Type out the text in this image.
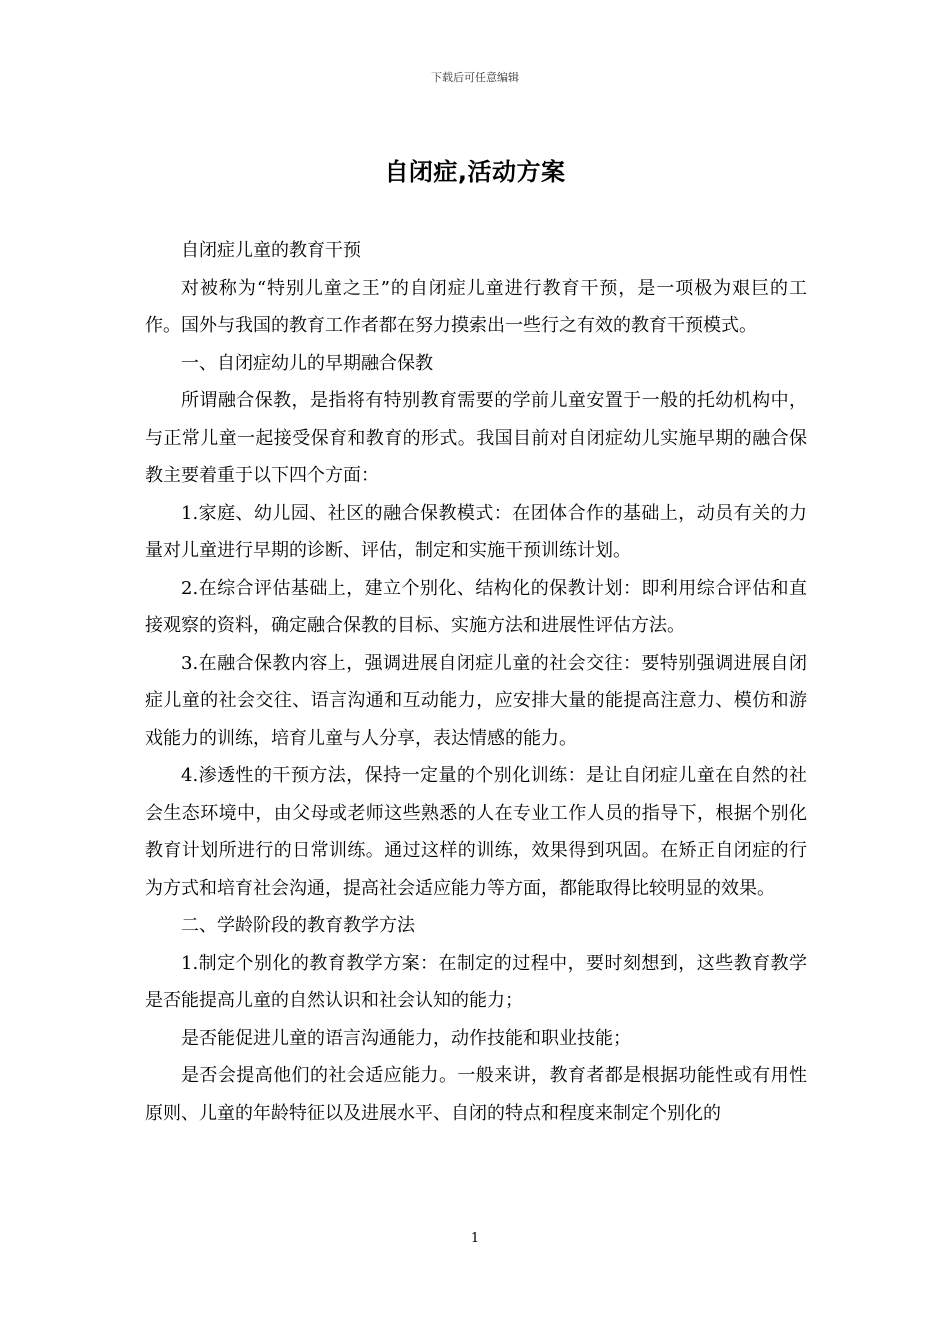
下载后可任意编辑
自闭症,活动方案

自闭症儿童的教育干预

对被称为“特别儿童之王”的自闭症儿童进行教育干预，是一项极为艰巨的工作。国外与我国的教育工作者都在努力摸索出一些行之有效的教育干预模式。

一、自闭症幼儿的早期融合保教

所谓融合保教，是指将有特别教育需要的学前儿童安置于一般的托幼机构中，与正常儿童一起接受保育和教育的形式。我国目前对自闭症幼儿实施早期的融合保教主要着重于以下四个方面：

1.家庭、幼儿园、社区的融合保教模式：在团体合作的基础上，动员有关的力量对儿童进行早期的诊断、评估，制定和实施干预训练计划。

2.在综合评估基础上，建立个别化、结构化的保教计划：即利用综合评估和直接观察的资料，确定融合保教的目标、实施方法和进展性评估方法。

3.在融合保教内容上，强调进展自闭症儿童的社会交往：要特别强调进展自闭症儿童的社会交往、语言沟通和互动能力，应安排大量的能提高注意力、模仿和游戏能力的训练，培育儿童与人分享，表达情感的能力。

4.渗透性的干预方法，保持一定量的个别化训练：是让自闭症儿童在自然的社会生态环境中，由父母或老师这些熟悉的人在专业工作人员的指导下，根据个别化教育计划所进行的日常训练。通过这样的训练，效果得到巩固。在矫正自闭症的行为方式和培育社会沟通，提高社会适应能力等方面，都能取得比较明显的效果。

二、学龄阶段的教育教学方法

1.制定个别化的教育教学方案：在制定的过程中，要时刻想到，这些教育教学是否能提高儿童的自然认识和社会认知的能力；

是否能促进儿童的语言沟通能力，动作技能和职业技能；

是否会提高他们的社会适应能力。一般来讲，教育者都是根据功能性或有用性原则、儿童的年龄特征以及进展水平、自闭的特点和程度来制定个别化的

1
